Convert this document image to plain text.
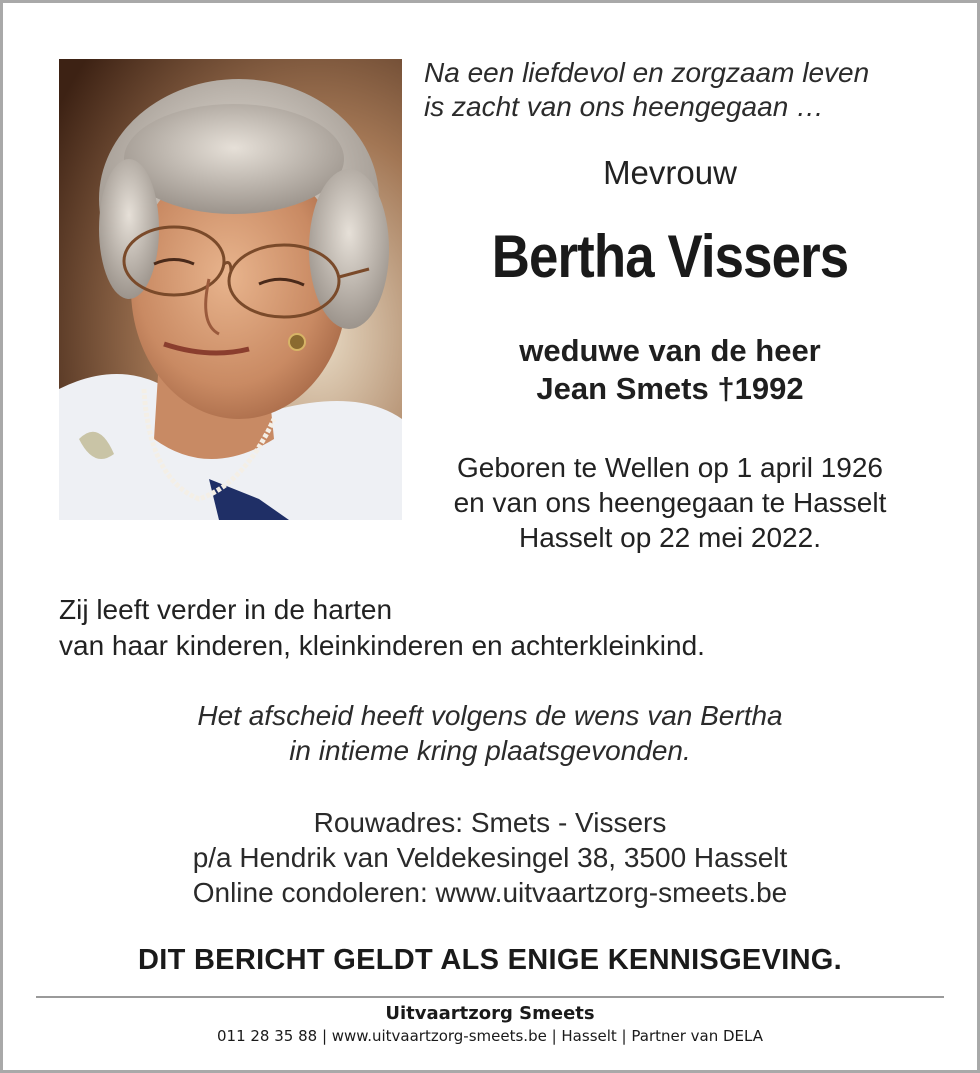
Na een liefdevol en zorgzaam leven
is zacht van ons heengegaan …
Mevrouw
Bertha Vissers
weduwe van de heer
Jean Smets †1992
Geboren te Wellen op 1 april 1926
en van ons heengegaan te Hasselt
Hasselt op 22 mei 2022.
Zij leeft verder in de harten
van haar kinderen, kleinkinderen en achterkleinkind.
Het afscheid heeft volgens de wens van Bertha
in intieme kring plaatsgevonden.
Rouwadres: Smets - Vissers
p/a Hendrik van Veldekesingel 38, 3500 Hasselt
Online condoleren: www.uitvaartzorg-smeets.be
DIT BERICHT GELDT ALS ENIGE KENNISGEVING.
Uitvaartzorg Smeets
011 28 35 88 | www.uitvaartzorg-smeets.be | Hasselt | Partner van DELA
